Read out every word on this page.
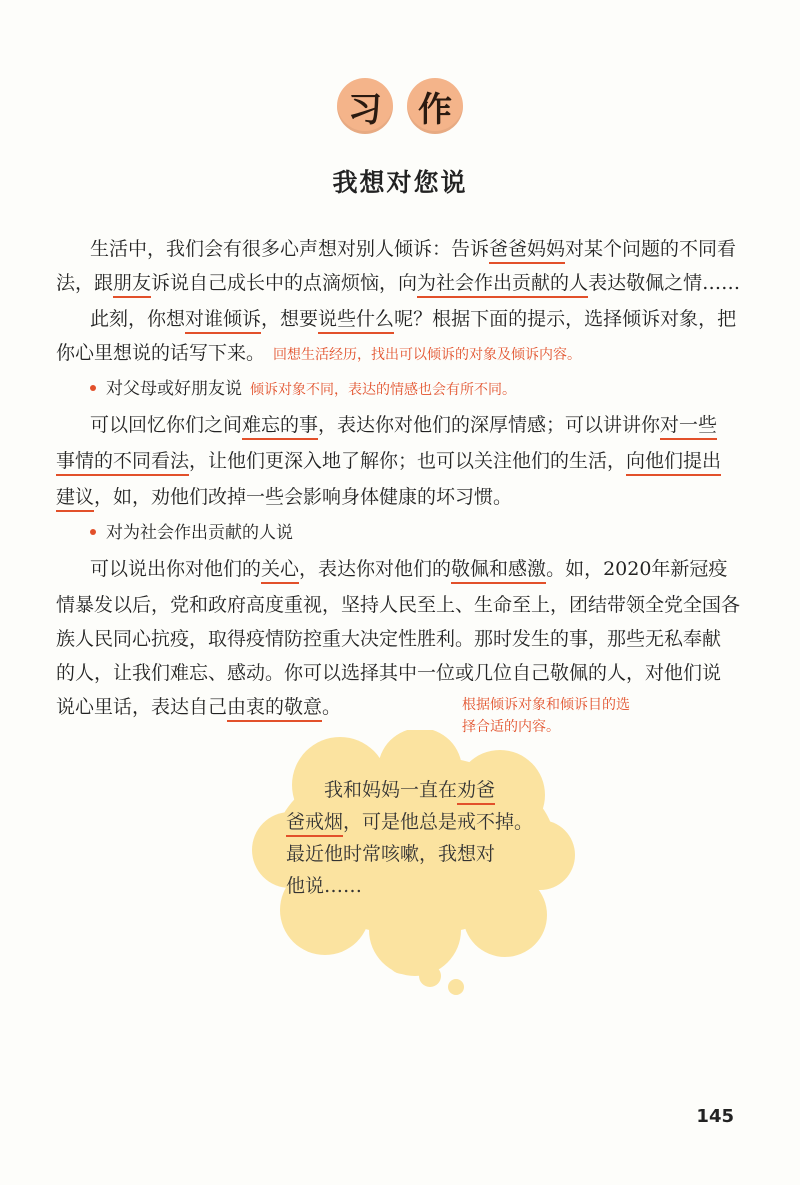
习	作
我想对您说
生活中，我们会有很多心声想对别人倾诉：告诉爸爸妈妈对某个问题的不同看
法，跟朋友诉说自己成长中的点滴烦恼，向为社会作出贡献的人表达敬佩之情……
此刻，你想对谁倾诉，想要说些什么呢？根据下面的提示，选择倾诉对象，把
你心里想说的话写下来。 回想生活经历，找出可以倾诉的对象及倾诉内容。
对父母或好朋友说 倾诉对象不同，表达的情感也会有所不同。
可以回忆你们之间难忘的事，表达你对他们的深厚情感；可以讲讲你对一些
事情的不同看法，让他们更深入地了解你；也可以关注他们的生活，向他们提出
建议，如，劝他们改掉一些会影响身体健康的坏习惯。
对为社会作出贡献的人说
可以说出你对他们的关心，表达你对他们的敬佩和感激。如，2020年新冠疫
情暴发以后，党和政府高度重视，坚持人民至上、生命至上，团结带领全党全国各
族人民同心抗疫，取得疫情防控重大决定性胜利。那时发生的事，那些无私奉献
的人，让我们难忘、感动。你可以选择其中一位或几位自己敬佩的人，对他们说
说心里话，表达自己由衷的敬意。	根据倾诉对象和倾诉目的选
择合适的内容。
我和妈妈一直在劝爸
爸戒烟，可是他总是戒不掉。
最近他时常咳嗽，我想对
他说……
145
